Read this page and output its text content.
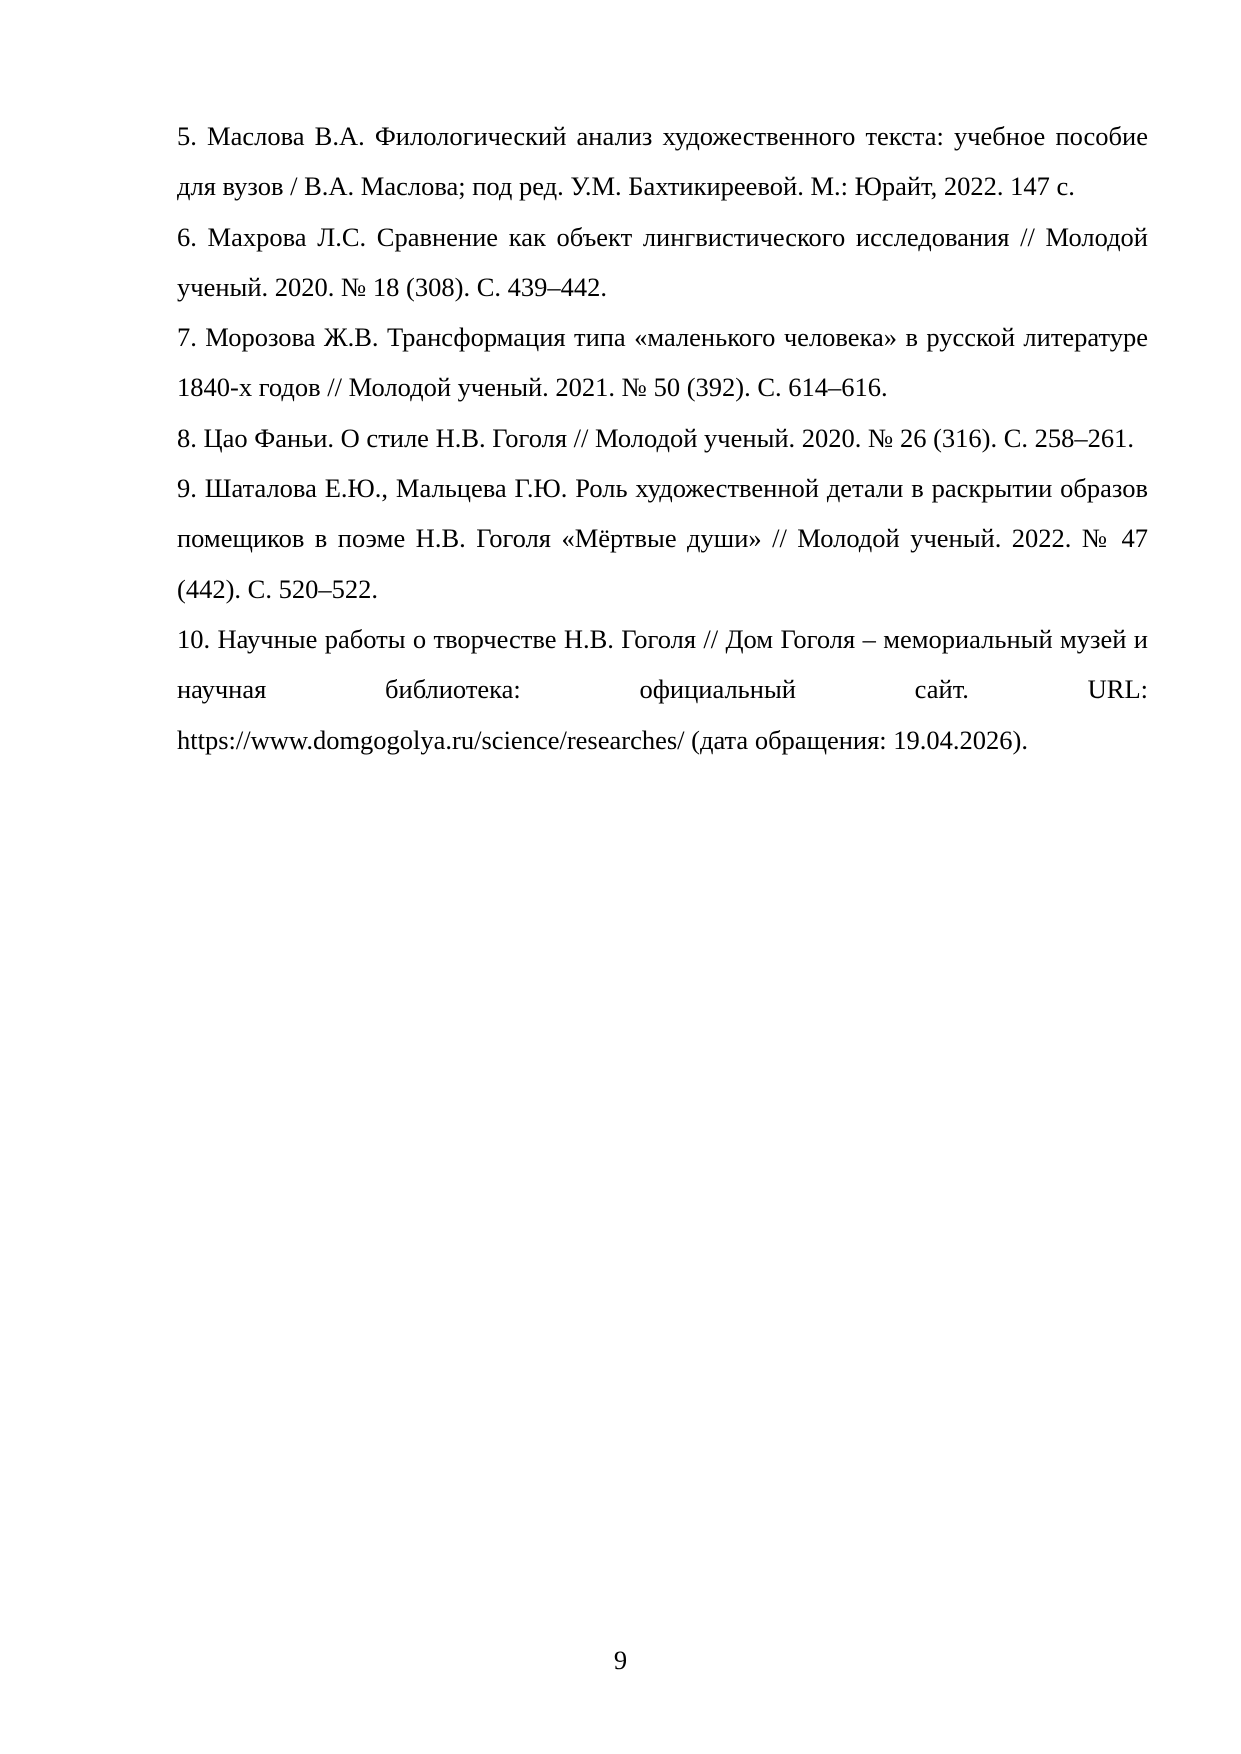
5. Маслова В.А. Филологический анализ художественного текста: учебное пособие для вузов / В.А. Маслова; под ред. У.М. Бахтикиреевой. М.: Юрайт, 2022. 147 с.

6. Махрова Л.С. Сравнение как объект лингвистического исследования // Молодой ученый. 2020. № 18 (308). С. 439–442.

7. Морозова Ж.В. Трансформация типа «маленького человека» в русской литературе 1840-х годов // Молодой ученый. 2021. № 50 (392). С. 614–616.

8. Цао Фаньи. О стиле Н.В. Гоголя // Молодой ученый. 2020. № 26 (316). С. 258–261.

9. Шаталова Е.Ю., Мальцева Г.Ю. Роль художественной детали в раскрытии образов помещиков в поэме Н.В. Гоголя «Мёртвые души» // Молодой ученый. 2022. № 47 (442). С. 520–522.

10. Научные работы о творчестве Н.В. Гоголя // Дом Гоголя – мемориальный музей и научная библиотека: официальный сайт. URL: https://www.domgogolya.ru/science/researches/ (дата обращения: 19.04.2026).

9
